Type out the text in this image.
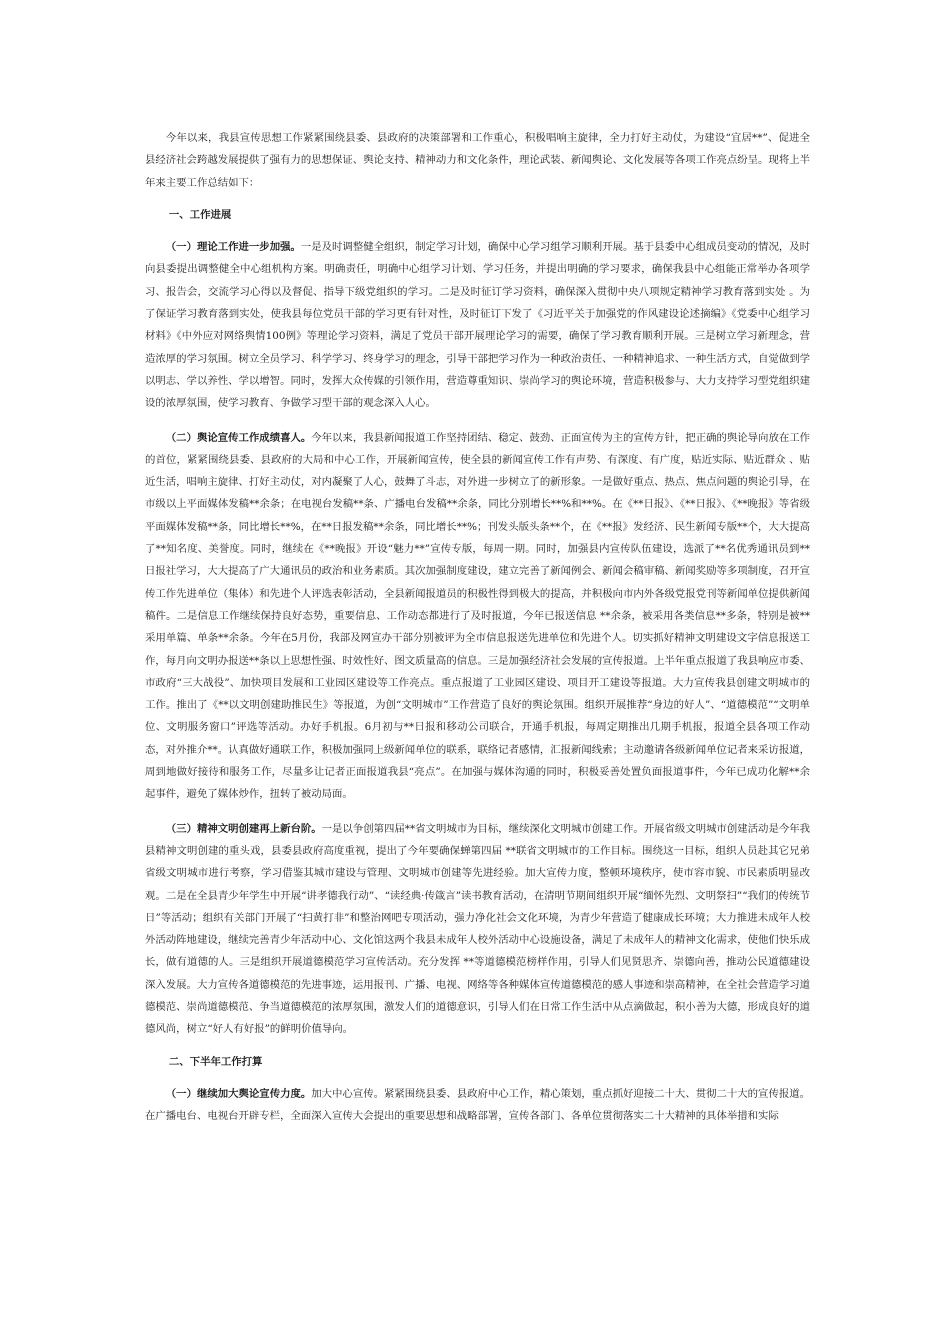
今年以来，我县宣传思想工作紧紧围绕县委、县政府的决策部署和工作重心，积极唱响主旋律，全力打好主动仗，为建设“宜居**”、促进全县经济社会跨越发展提供了强有力的思想保证、舆论支持、精神动力和文化条件，理论武装、新闻舆论、文化发展等各项工作亮点纷呈。现将上半年来主要工作总结如下：

一、工作进展

（一）理论工作进一步加强。一是及时调整健全组织，制定学习计划，确保中心学习组学习顺利开展。基于县委中心组成员变动的情况，及时向县委提出调整健全中心组机构方案。明确责任，明确中心组学习计划、学习任务，并提出明确的学习要求，确保我县中心组能正常举办各项学习、报告会，交流学习心得以及督促、指导下级党组织的学习。二是及时征订学习资料，确保深入贯彻中央八项规定精神学习教育落到实处 。为了保证学习教育落到实处，使我县每位党员干部的学习更有针对性，及时征订下发了《习近平关于加强党的作风建设论述摘编》《党委中心组学习材料》《中外应对网络舆情100例》等理论学习资料，满足了党员干部开展理论学习的需要，确保了学习教育顺利开展。三是树立学习新理念，营造浓厚的学习氛围。树立全员学习、科学学习、终身学习的理念，引导干部把学习作为一种政治责任、一种精神追求、一种生活方式，自觉做到学以明志、学以养性、学以增智。同时，发挥大众传媒的引领作用，营造尊重知识、崇尚学习的舆论环境，营造积极参与、大力支持学习型党组织建设的浓厚氛围，使学习教育、争做学习型干部的观念深入人心。

（二）舆论宣传工作成绩喜人。今年以来，我县新闻报道工作坚持团结、稳定、鼓劲、正面宣传为主的宣传方针，把正确的舆论导向放在工作的首位，紧紧围绕县委、县政府的大局和中心工作，开展新闻宣传，使全县的新闻宣传工作有声势、有深度、有广度，贴近实际、贴近群众 、贴近生活，唱响主旋律、打好主动仗，对内凝聚了人心，鼓舞了斗志，对外进一步树立了的新形象。一是做好重点、热点、焦点问题的舆论引导，在市级以上平面媒体发稿**余条；在电视台发稿**条、广播电台发稿**余条，同比分别增长**%和**%。在《**日报》、《**日报》、《**晚报》等省级平面媒体发稿**条，同比增长**%，在**日报发稿**余条，同比增长**%；刊发头版头条**个，在《**报》发经济、民生新闻专版**个，大大提高了**知名度、美誉度。同时，继续在《**晚报》开设“魅力**”宣传专版，每周一期。同时，加强县内宣传队伍建设，选派了**名优秀通讯员到**日报社学习，大大提高了广大通讯员的政治和业务素质。其次加强制度建设，建立完善了新闻例会、新闻会稿审稿、新闻奖励等多项制度，召开宣传工作先进单位（集体）和先进个人评选表彰活动，全县新闻报道员的积极性得到极大的提高，并积极向市内外各级党报党刊等新闻单位提供新闻稿件。二是信息工作继续保持良好态势，重要信息、工作动态都进行了及时报道，今年已报送信息 **余条，被采用各类信息**多条，特别是被**采用单篇、单条**余条。今年在5月份，我部及网宣办干部分别被评为全市信息报送先进单位和先进个人。切实抓好精神文明建设文字信息报送工作，每月向文明办报送**条以上思想性强、时效性好、图文质量高的信息。三是加强经济社会发展的宣传报道。上半年重点报道了我县响应市委、市政府“三大战役”、加快项目发展和工业园区建设等工作亮点。重点报道了工业园区建设、项目开工建设等报道。大力宣传我县创建文明城市的工作。推出了《**以文明创建助推民生》等报道，为创“文明城市”工作营造了良好的舆论氛围。组织开展推荐“身边的好人”、“道德模范”“文明单位、文明服务窗口”评选等活动。办好手机报。6月初与**日报和移动公司联合，开通手机报，每周定期推出几期手机报，报道全县各项工作动态，对外推介**。认真做好通联工作，积极加强同上级新闻单位的联系，联络记者感情，汇报新闻线索；主动邀请各级新闻单位记者来采访报道，周到地做好接待和服务工作，尽量多让记者正面报道我县“亮点”。在加强与媒体沟通的同时，积极妥善处置负面报道事件，今年已成功化解**余起事件，避免了媒体炒作，扭转了被动局面。

（三）精神文明创建再上新台阶。一是以争创第四届**省文明城市为目标，继续深化文明城市创建工作。开展省级文明城市创建活动是今年我县精神文明创建的重头戏，县委县政府高度重视，提出了今年要确保蝉第四届 **联省文明城市的工作目标。围绕这一目标，组织人员赴其它兄弟省级文明城市进行考察，学习借鉴其城市建设与管理、文明城市创建等先进经验。加大宣传力度，整顿环境秩序，使市容市貌、市民素质明显改观。二是在全县青少年学生中开展“讲孝德我行动”、“读经典·传箴言”读书教育活动，在清明节期间组织开展“缅怀先烈、文明祭扫”“我们的传统节日”等活动；组织有关部门开展了“扫黄打非”和整治网吧专项活动，强力净化社会文化环境，为青少年营造了健康成长环境；大力推进未成年人校外活动阵地建设，继续完善青少年活动中心、文化馆这两个我县未成年人校外活动中心设施设备，满足了未成年人的精神文化需求，使他们快乐成长，做有道德的人。三是组织开展道德模范学习宣传活动。充分发挥 **等道德模范榜样作用，引导人们见贤思齐、崇德向善，推动公民道德建设深入发展。大力宣传各道德模范的先进事迹，运用报刊、广播、电视、网络等各种媒体宣传道德模范的感人事迹和崇高精神，在全社会营造学习道德模范、崇尚道德模范、争当道德模范的浓厚氛围，激发人们的道德意识，引导人们在日常工作生活中从点滴做起，积小善为大德，形成良好的道德风尚，树立“好人有好报”的鲜明价值导向。

二、下半年工作打算

（一）继续加大舆论宣传力度。加大中心宣传。紧紧围绕县委、县政府中心工作，精心策划，重点抓好迎接二十大、贯彻二十大的宣传报道。在广播电台、电视台开辟专栏，全面深入宣传大会提出的重要思想和战略部署，宣传各部门、各单位贯彻落实二十大精神的具体举措和实际
